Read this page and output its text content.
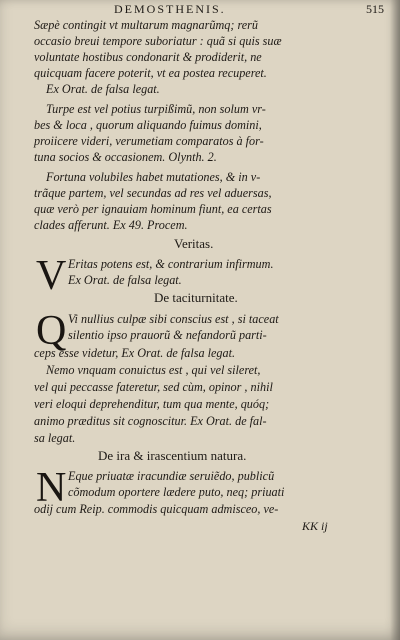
DEMOSTHENIS.	515
Sæpè contingit vt multarum magnarũmq; rerũ
occasio breui tempore suboriatur : quã si quis suæ
voluntate hostibus condonarit & prodiderit, ne
quicquam facere poterit, vt ea postea recuperet.
Ex Orat. de falsa legat.
Turpe est vel potius turpißimũ, non solum vr-
bes & loca , quorum aliquando fuimus domini,
proiicere videri, verumetiam comparatos à for-
tuna socios & occasionem. Olynth. 2.
Fortuna volubiles habet mutationes, & in v-
trãque partem, vel secundas ad res vel aduersas,
quæ verò per ignauiam hominum fiunt, ea certas
clades afferunt. Ex 49. Procem.
Veritas.
V Eritas potens est, & contrarium infirmum.
Ex Orat. de falsa legat.
De taciturnitate.
Q Vi nullius culpæ sibi conscius est , si taceat
silentio ipso prauorũ & nefandorũ parti-
ceps esse videtur, Ex Orat. de falsa legat.
Nemo vnquam conuictus est , qui vel sileret,
vel qui peccasse fateretur, sed cùm, opinor , nihil
veri eloqui deprehenditur, tum qua mente, quóq;
animo præditus sit cognoscitur. Ex Orat. de fal-
sa legat.
De ira & irascentium natura.
N Eque priuatæ iracundiæ seruiẽdo, publicũ
cõmodum oportere lædere puto, neq; priuati
odij cum Reip. commodis quicquam admisceo, ve-
KK ij
